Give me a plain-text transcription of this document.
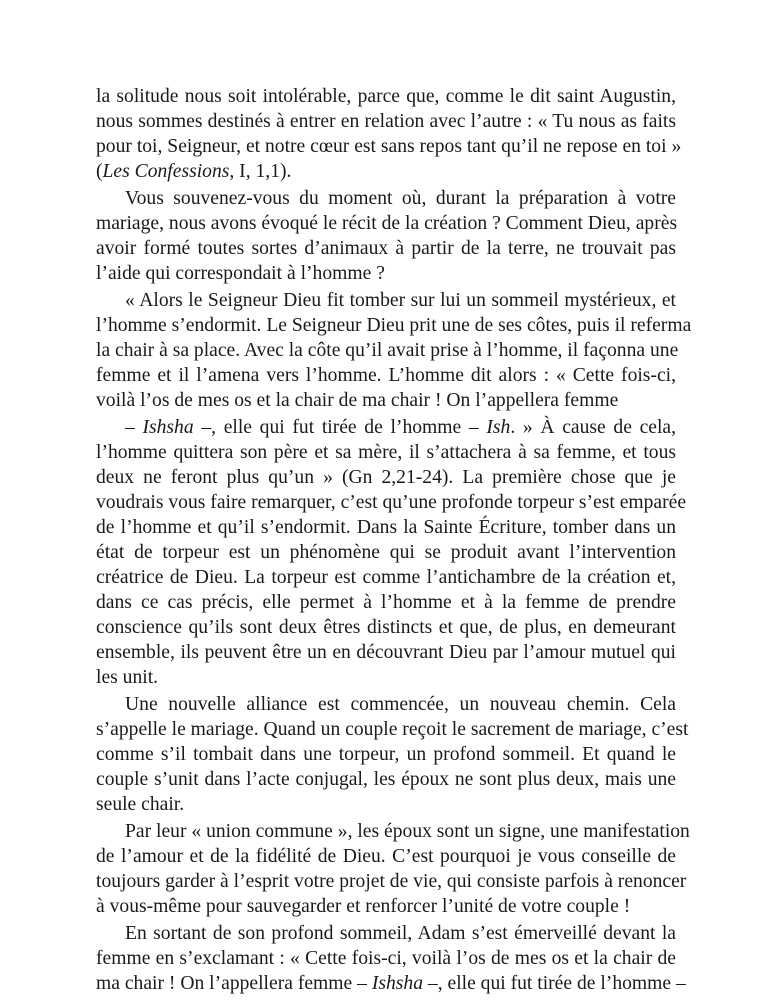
la solitude nous soit intolérable, parce que, comme le dit saint Augustin,
nous sommes destinés à entrer en relation avec l’autre : « Tu nous as faits
pour toi, Seigneur, et notre cœur est sans repos tant qu’il ne repose en toi »
(Les Confessions, I, 1,1).
Vous souvenez-vous du moment où, durant la préparation à votre
mariage, nous avons évoqué le récit de la création ? Comment Dieu, après
avoir formé toutes sortes d’animaux à partir de la terre, ne trouvait pas
l’aide qui correspondait à l’homme ?
« Alors le Seigneur Dieu fit tomber sur lui un sommeil mystérieux, et
l’homme s’endormit. Le Seigneur Dieu prit une de ses côtes, puis il referma
la chair à sa place. Avec la côte qu’il avait prise à l’homme, il façonna une
femme et il l’amena vers l’homme. L’homme dit alors : « Cette fois-ci,
voilà l’os de mes os et la chair de ma chair ! On l’appellera femme
– Ishsha –, elle qui fut tirée de l’homme – Ish. » À cause de cela,
l’homme quittera son père et sa mère, il s’attachera à sa femme, et tous
deux ne feront plus qu’un » (Gn 2,21-24). La première chose que je
voudrais vous faire remarquer, c’est qu’une profonde torpeur s’est emparée
de l’homme et qu’il s’endormit. Dans la Sainte Écriture, tomber dans un
état de torpeur est un phénomène qui se produit avant l’intervention
créatrice de Dieu. La torpeur est comme l’antichambre de la création et,
dans ce cas précis, elle permet à l’homme et à la femme de prendre
conscience qu’ils sont deux êtres distincts et que, de plus, en demeurant
ensemble, ils peuvent être un en découvrant Dieu par l’amour mutuel qui
les unit.
Une nouvelle alliance est commencée, un nouveau chemin. Cela
s’appelle le mariage. Quand un couple reçoit le sacrement de mariage, c’est
comme s’il tombait dans une torpeur, un profond sommeil. Et quand le
couple s’unit dans l’acte conjugal, les époux ne sont plus deux, mais une
seule chair.
Par leur « union commune », les époux sont un signe, une manifestation
de l’amour et de la fidélité de Dieu. C’est pourquoi je vous conseille de
toujours garder à l’esprit votre projet de vie, qui consiste parfois à renoncer
à vous-même pour sauvegarder et renforcer l’unité de votre couple !
En sortant de son profond sommeil, Adam s’est émerveillé devant la
femme en s’exclamant : « Cette fois-ci, voilà l’os de mes os et la chair de
ma chair ! On l’appellera femme – Ishsha –, elle qui fut tirée de l’homme –
